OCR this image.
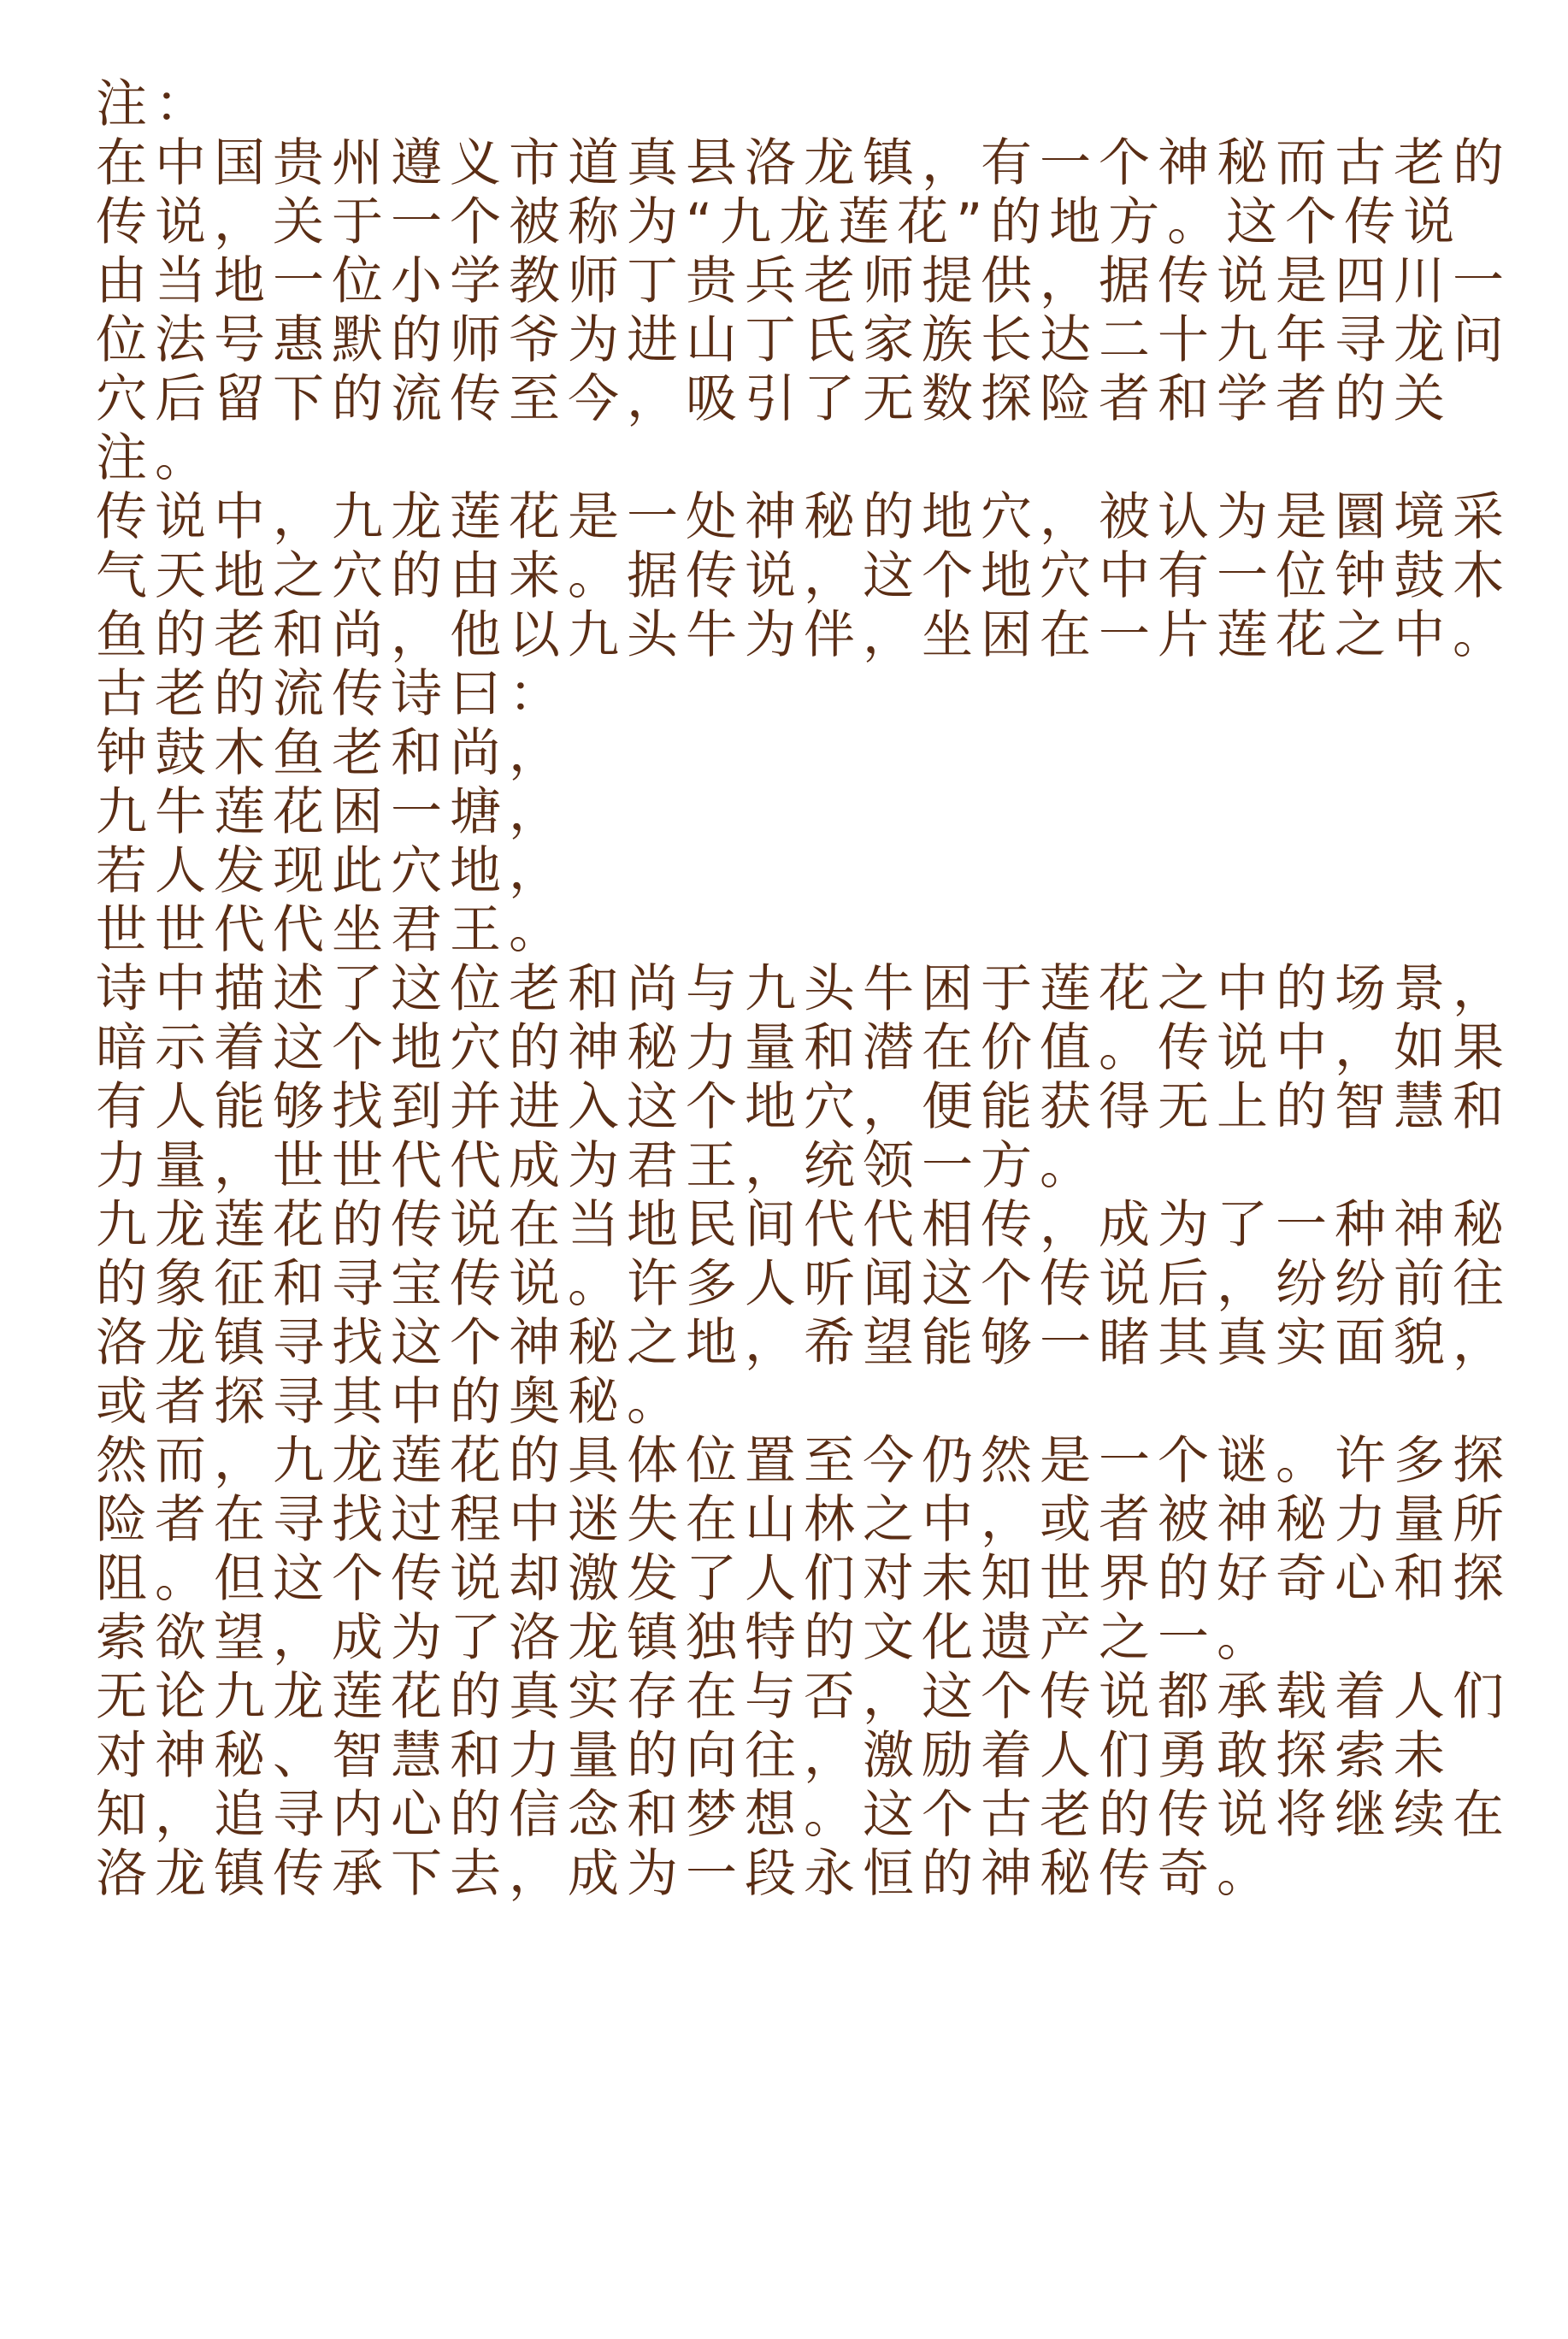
注：
在中国贵州遵义市道真县洛龙镇，有一个神秘而古老的
传说，关于一个被称为“九龙莲花”的地方。这个传说
由当地一位小学教师丁贵兵老师提供，据传说是四川一
位法号惠默的师爷为进山丁氏家族长达二十九年寻龙问
穴后留下的流传至今，吸引了无数探险者和学者的关
注。
传说中，九龙莲花是一处神秘的地穴，被认为是圜境采
气天地之穴的由来。据传说，这个地穴中有一位钟鼓木
鱼的老和尚，他以九头牛为伴，坐困在一片莲花之中。
古老的流传诗曰：
钟鼓木鱼老和尚，
九牛莲花困一塘，
若人发现此穴地，
世世代代坐君王。
诗中描述了这位老和尚与九头牛困于莲花之中的场景，
暗示着这个地穴的神秘力量和潜在价值。传说中，如果
有人能够找到并进入这个地穴，便能获得无上的智慧和
力量，世世代代成为君王，统领一方。
九龙莲花的传说在当地民间代代相传，成为了一种神秘
的象征和寻宝传说。许多人听闻这个传说后，纷纷前往
洛龙镇寻找这个神秘之地，希望能够一睹其真实面貌，
或者探寻其中的奥秘。
然而，九龙莲花的具体位置至今仍然是一个谜。许多探
险者在寻找过程中迷失在山林之中，或者被神秘力量所
阻。但这个传说却激发了人们对未知世界的好奇心和探
索欲望，成为了洛龙镇独特的文化遗产之一。
无论九龙莲花的真实存在与否，这个传说都承载着人们
对神秘、智慧和力量的向往，激励着人们勇敢探索未
知，追寻内心的信念和梦想。这个古老的传说将继续在
洛龙镇传承下去，成为一段永恒的神秘传奇。
